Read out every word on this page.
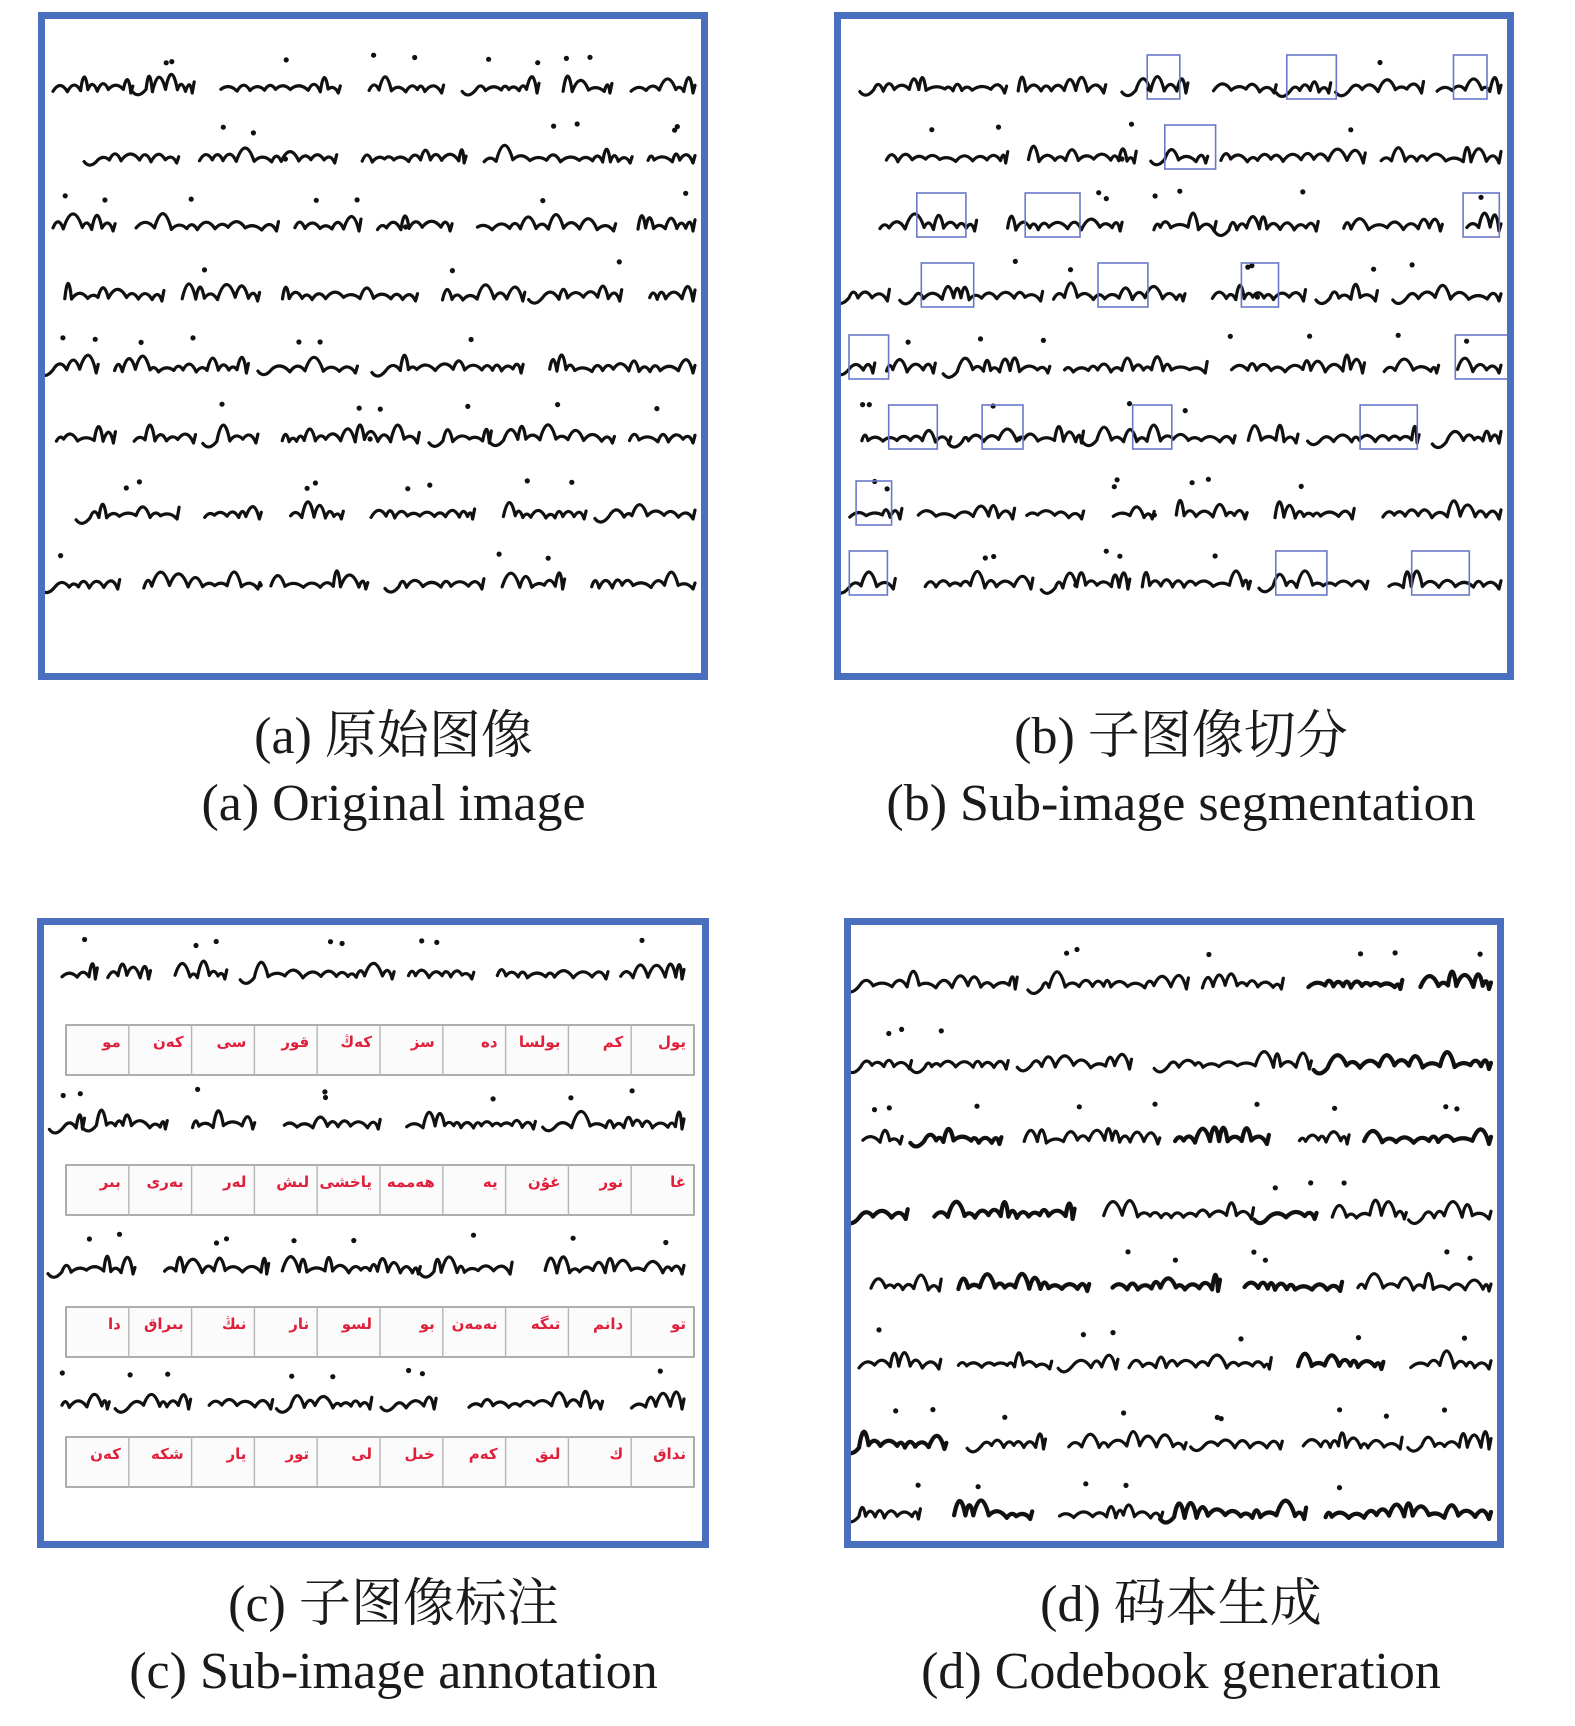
(a) 原始图像
(a) Original image
(b) 子图像切分
(b) Sub-image segmentation
يول
كم
بولسا
دە
سز
كەڭ
قور
سى
كەن
مو
غا
نور
غۇن
يە
ھەممە
ياخشى
لىش
لەر
بەرى
بىر
تو
دانم
تىگە
نەمەن
بو
لسو
نار
نىڭ
بىراق
دا
نداق
ك
لىق
كەم
خىل
لى
تور
يار
شكە
كەن
(c) 子图像标注
(c) Sub-image annotation
(d) 码本生成
(d) Codebook generation
